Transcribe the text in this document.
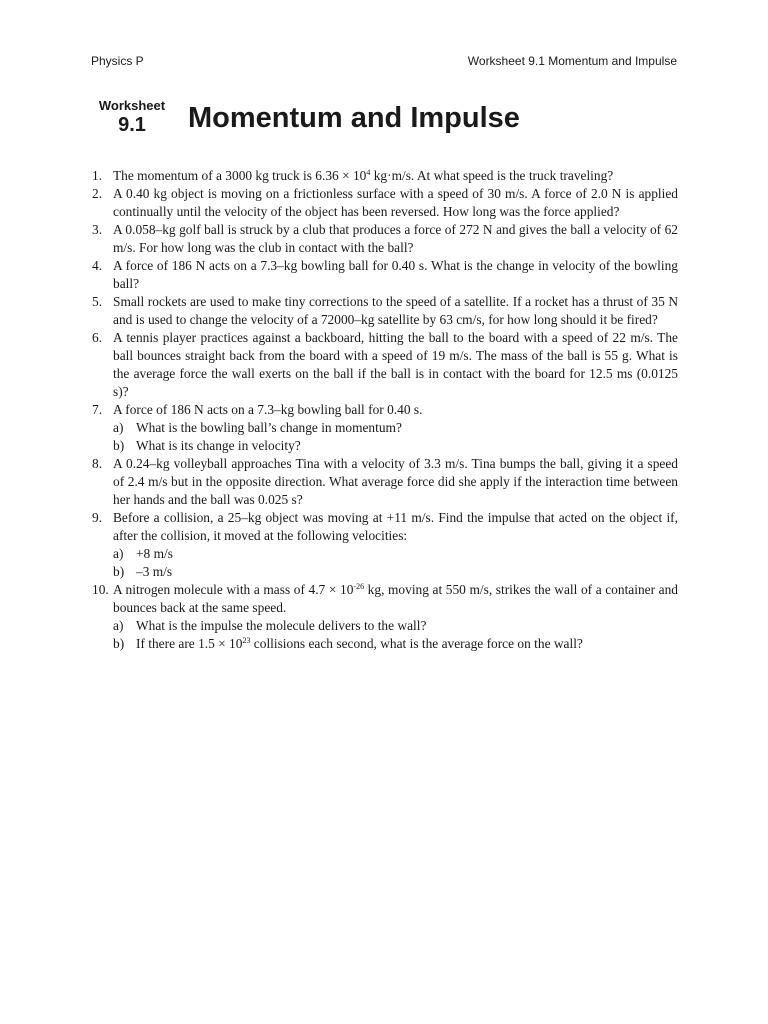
Physics P	Worksheet 9.1 Momentum and Impulse
Worksheet
9.1	Momentum and Impulse
1. The momentum of a 3000 kg truck is $6.36 \times 10^4$ kg·m/s. At what speed is the truck traveling?
2. A 0.40 kg object is moving on a frictionless surface with a speed of 30 m/s. A force of 2.0 N is applied continually until the velocity of the object has been reversed. How long was the force applied?
3. A 0.058–kg golf ball is struck by a club that produces a force of 272 N and gives the ball a velocity of 62 m/s. For how long was the club in contact with the ball?
4. A force of 186 N acts on a 7.3–kg bowling ball for 0.40 s. What is the change in velocity of the bowling ball?
5. Small rockets are used to make tiny corrections to the speed of a satellite. If a rocket has a thrust of 35 N and is used to change the velocity of a 72000–kg satellite by 63 cm/s, for how long should it be fired?
6. A tennis player practices against a backboard, hitting the ball to the board with a speed of 22 m/s. The ball bounces straight back from the board with a speed of 19 m/s. The mass of the ball is 55 g. What is the average force the wall exerts on the ball if the ball is in contact with the board for 12.5 ms (0.0125 s)?
7. A force of 186 N acts on a 7.3–kg bowling ball for 0.40 s.
a) What is the bowling ball’s change in momentum?
b) What is its change in velocity?
8. A 0.24–kg volleyball approaches Tina with a velocity of 3.3 m/s. Tina bumps the ball, giving it a speed of 2.4 m/s but in the opposite direction. What average force did she apply if the interaction time between her hands and the ball was 0.025 s?
9. Before a collision, a 25–kg object was moving at +11 m/s. Find the impulse that acted on the object if, after the collision, it moved at the following velocities:
a) +8 m/s
b) –3 m/s
10. A nitrogen molecule with a mass of $4.7 \times 10^{-26}$ kg, moving at 550 m/s, strikes the wall of a container and bounces back at the same speed.
a) What is the impulse the molecule delivers to the wall?
b) If there are $1.5 \times 10^{23}$ collisions each second, what is the average force on the wall?
